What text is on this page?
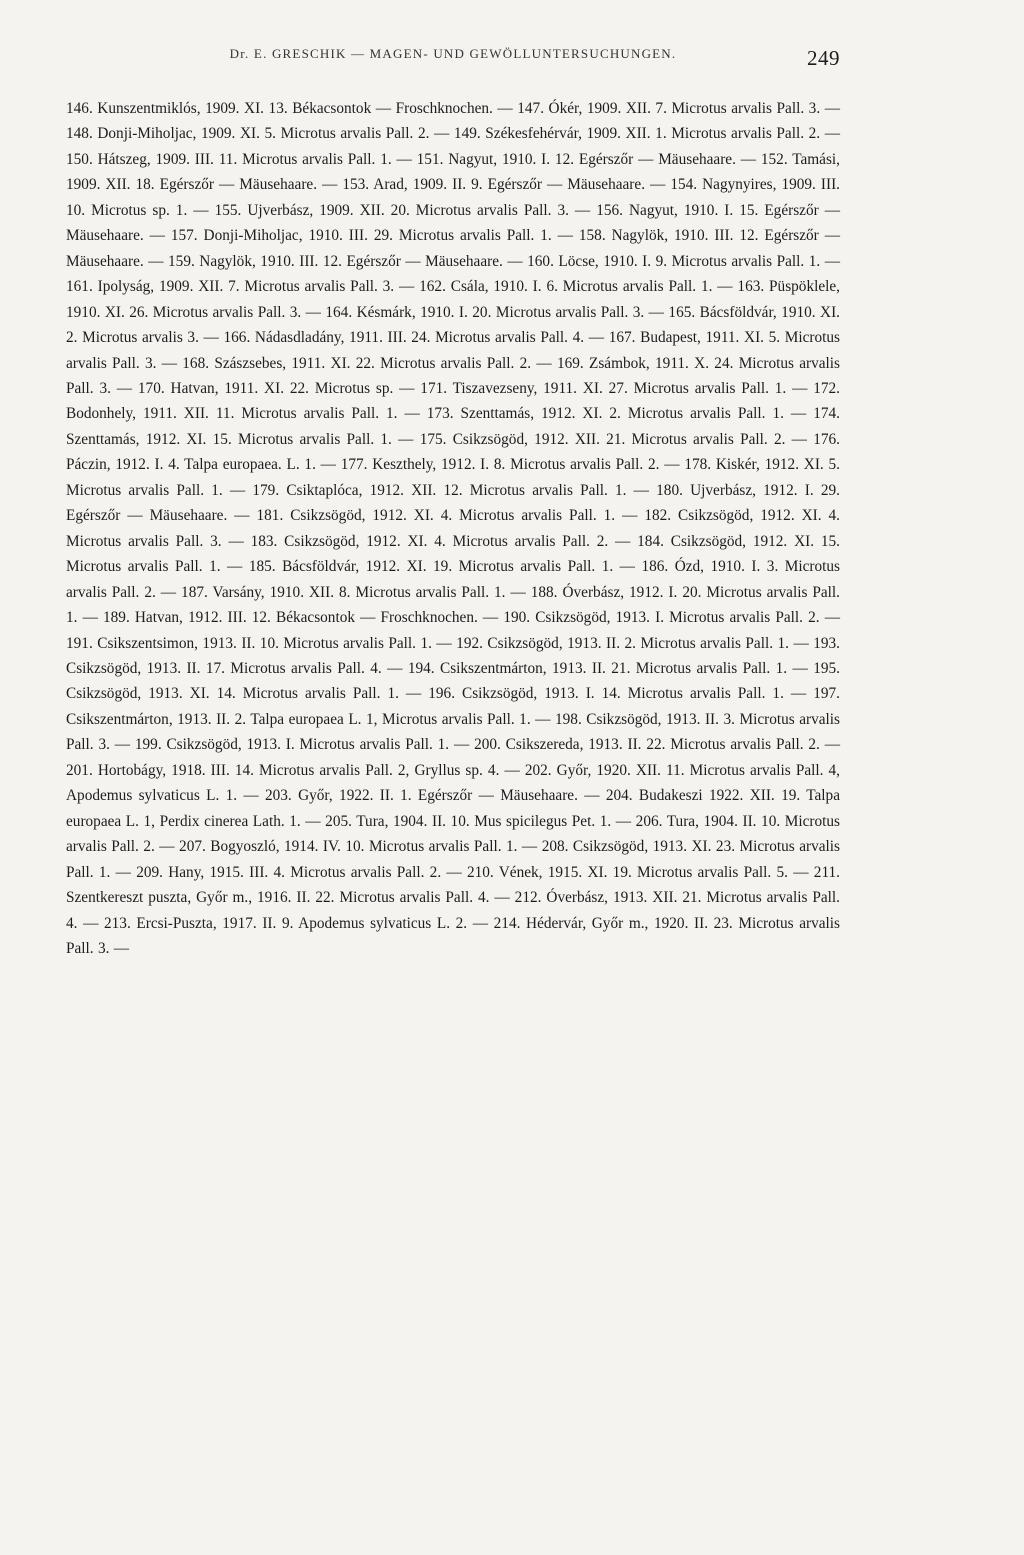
Dr. E. GRESCHIK — MAGEN- UND GEWÖLLUNTERSUCHUNGEN.	249

146. Kunszentmiklós, 1909. XI. 13. Békacsontok — Froschknochen. — 147. Ókér, 1909. XII. 7. Microtus arvalis Pall. 3. — 148. Donji-Miholjac, 1909. XI. 5. Microtus arvalis Pall. 2. — 149. Székesfehérvár, 1909. XII. 1. Microtus arvalis Pall. 2. — 150. Hátszeg, 1909. III. 11. Microtus arvalis Pall. 1. — 151. Nagyut, 1910. I. 12. Egérszőr — Mäusehaare. — 152. Tamási, 1909. XII. 18. Egérszőr — Mäusehaare. — 153. Arad, 1909. II. 9. Egérszőr — Mäusehaare. — 154. Nagynyires, 1909. III. 10. Microtus sp. 1. — 155. Ujverbász, 1909. XII. 20. Microtus arvalis Pall. 3. — 156. Nagyut, 1910. I. 15. Egérszőr — Mäusehaare. — 157. Donji-Miholjac, 1910. III. 29. Microtus arvalis Pall. 1. — 158. Nagylök, 1910. III. 12. Egérszőr — Mäusehaare. — 159. Nagylök, 1910. III. 12. Egérszőr — Mäusehaare. — 160. Löcse, 1910. I. 9. Microtus arvalis Pall. 1. — 161. Ipolyság, 1909. XII. 7. Microtus arvalis Pall. 3. — 162. Csála, 1910. I. 6. Microtus arvalis Pall. 1. — 163. Püspöklele, 1910. XI. 26. Microtus arvalis Pall. 3. — 164. Késmárk, 1910. I. 20. Microtus arvalis Pall. 3. — 165. Bácsföldvár, 1910. XI. 2. Microtus arvalis 3. — 166. Nádasdladány, 1911. III. 24. Microtus arvalis Pall. 4. — 167. Budapest, 1911. XI. 5. Microtus arvalis Pall. 3. — 168. Szászsebes, 1911. XI. 22. Microtus arvalis Pall. 2. — 169. Zsámbok, 1911. X. 24. Microtus arvalis Pall. 3. — 170. Hatvan, 1911. XI. 22. Microtus sp. — 171. Tiszavezseny, 1911. XI. 27. Microtus arvalis Pall. 1. — 172. Bodonhely, 1911. XII. 11. Microtus arvalis Pall. 1. — 173. Szenttamás, 1912. XI. 2. Microtus arvalis Pall. 1. — 174. Szenttamás, 1912. XI. 15. Microtus arvalis Pall. 1. — 175. Csikzsögöd, 1912. XII. 21. Microtus arvalis Pall. 2. — 176. Páczin, 1912. I. 4. Talpa europaea. L. 1. — 177. Keszthely, 1912. I. 8. Microtus arvalis Pall. 2. — 178. Kiskér, 1912. XI. 5. Microtus arvalis Pall. 1. — 179. Csiktaplóca, 1912. XII. 12. Microtus arvalis Pall. 1. — 180. Ujverbász, 1912. I. 29. Egérszőr — Mäusehaare. — 181. Csikzsögöd, 1912. XI. 4. Microtus arvalis Pall. 1. — 182. Csikzsögöd, 1912. XI. 4. Microtus arvalis Pall. 3. — 183. Csikzsögöd, 1912. XI. 4. Microtus arvalis Pall. 2. — 184. Csikzsögöd, 1912. XI. 15. Microtus arvalis Pall. 1. — 185. Bácsföldvár, 1912. XI. 19. Microtus arvalis Pall. 1. — 186. Ózd, 1910. I. 3. Microtus arvalis Pall. 2. — 187. Varsány, 1910. XII. 8. Microtus arvalis Pall. 1. — 188. Óverbász, 1912. I. 20. Microtus arvalis Pall. 1. — 189. Hatvan, 1912. III. 12. Békacsontok — Froschknochen. — 190. Csikzsögöd, 1913. I. Microtus arvalis Pall. 2. — 191. Csikszentsimon, 1913. II. 10. Microtus arvalis Pall. 1. — 192. Csikzsögöd, 1913. II. 2. Microtus arvalis Pall. 1. — 193. Csikzsögöd, 1913. II. 17. Microtus arvalis Pall. 4. — 194. Csikszentmárton, 1913. II. 21. Microtus arvalis Pall. 1. — 195. Csikzsögöd, 1913. XI. 14. Microtus arvalis Pall. 1. — 196. Csikzsögöd, 1913. I. 14. Microtus arvalis Pall. 1. — 197. Csikszentmárton, 1913. II. 2. Talpa europaea L. 1, Microtus arvalis Pall. 1. — 198. Csikzsögöd, 1913. II. 3. Microtus arvalis Pall. 3. — 199. Csikzsögöd, 1913. I. Microtus arvalis Pall. 1. — 200. Csikszereda, 1913. II. 22. Microtus arvalis Pall. 2. — 201. Hortobágy, 1918. III. 14. Microtus arvalis Pall. 2, Gryllus sp. 4. — 202. Győr, 1920. XII. 11. Microtus arvalis Pall. 4, Apodemus sylvaticus L. 1. — 203. Győr, 1922. II. 1. Egérszőr — Mäusehaare. — 204. Budakeszi 1922. XII. 19. Talpa europaea L. 1, Perdix cinerea Lath. 1. — 205. Tura, 1904. II. 10. Mus spicilegus Pet. 1. — 206. Tura, 1904. II. 10. Microtus arvalis Pall. 2. — 207. Bogyoszló, 1914. IV. 10. Microtus arvalis Pall. 1. — 208. Csikzsögöd, 1913. XI. 23. Microtus arvalis Pall. 1. — 209. Hany, 1915. III. 4. Microtus arvalis Pall. 2. — 210. Vének, 1915. XI. 19. Microtus arvalis Pall. 5. — 211. Szentkereszt puszta, Győr m., 1916. II. 22. Microtus arvalis Pall. 4. — 212. Óverbász, 1913. XII. 21. Microtus arvalis Pall. 4. — 213. Ercsi-Puszta, 1917. II. 9. Apodemus sylvaticus L. 2. — 214. Hédervár, Győr m., 1920. II. 23. Microtus arvalis Pall. 3. —
